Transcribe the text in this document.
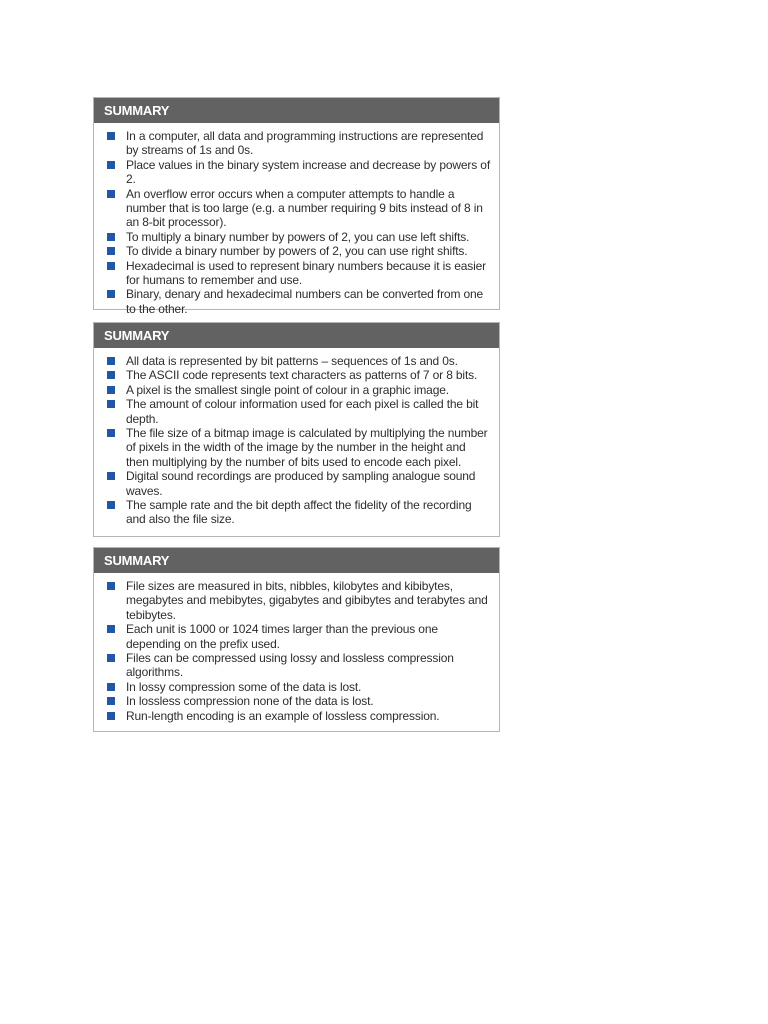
SUMMARY
In a computer, all data and programming instructions are represented by streams of 1s and 0s.
Place values in the binary system increase and decrease by powers of 2.
An overflow error occurs when a computer attempts to handle a number that is too large (e.g. a number requiring 9 bits instead of 8 in an 8-bit processor).
To multiply a binary number by powers of 2, you can use left shifts.
To divide a binary number by powers of 2, you can use right shifts.
Hexadecimal is used to represent binary numbers because it is easier for humans to remember and use.
Binary, denary and hexadecimal numbers can be converted from one to the other.
SUMMARY
All data is represented by bit patterns – sequences of 1s and 0s.
The ASCII code represents text characters as patterns of 7 or 8 bits.
A pixel is the smallest single point of colour in a graphic image.
The amount of colour information used for each pixel is called the bit depth.
The file size of a bitmap image is calculated by multiplying the number of pixels in the width of the image by the number in the height and then multiplying by the number of bits used to encode each pixel.
Digital sound recordings are produced by sampling analogue sound waves.
The sample rate and the bit depth affect the fidelity of the recording and also the file size.
SUMMARY
File sizes are measured in bits, nibbles, kilobytes and kibibytes, megabytes and mebibytes, gigabytes and gibibytes and terabytes and tebibytes.
Each unit is 1000 or 1024 times larger than the previous one depending on the prefix used.
Files can be compressed using lossy and lossless compression algorithms.
In lossy compression some of the data is lost.
In lossless compression none of the data is lost.
Run-length encoding is an example of lossless compression.
